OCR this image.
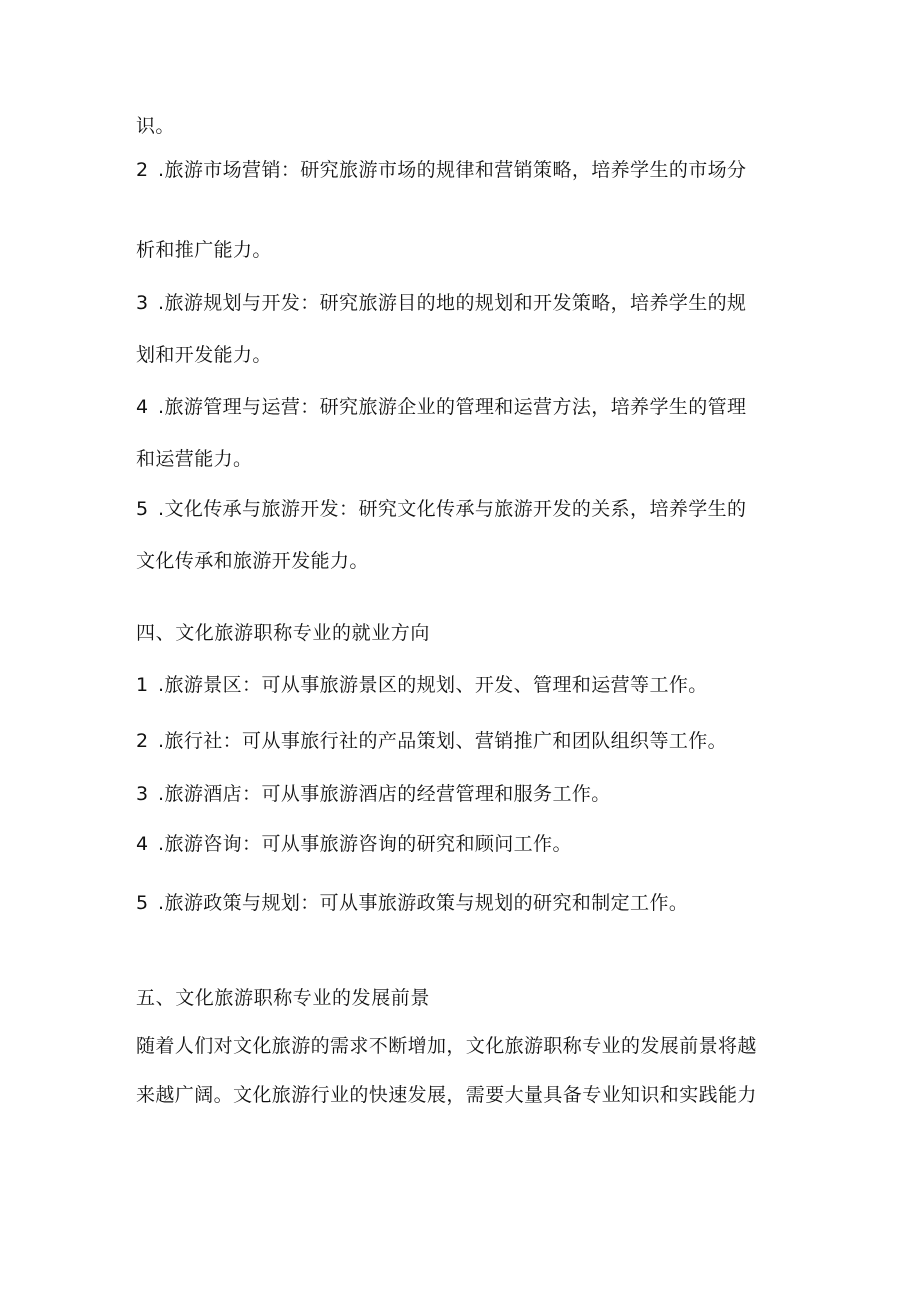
识。
2 .旅游市场营销：研究旅游市场的规律和营销策略，培养学生的市场分
析和推广能力。
3 .旅游规划与开发：研究旅游目的地的规划和开发策略，培养学生的规
划和开发能力。
4 .旅游管理与运营：研究旅游企业的管理和运营方法，培养学生的管理
和运营能力。
5 .文化传承与旅游开发：研究文化传承与旅游开发的关系，培养学生的
文化传承和旅游开发能力。
四、文化旅游职称专业的就业方向
1 .旅游景区：可从事旅游景区的规划、开发、管理和运营等工作。
2 .旅行社：可从事旅行社的产品策划、营销推广和团队组织等工作。
3 .旅游酒店：可从事旅游酒店的经营管理和服务工作。
4 .旅游咨询：可从事旅游咨询的研究和顾问工作。
5 .旅游政策与规划：可从事旅游政策与规划的研究和制定工作。
五、文化旅游职称专业的发展前景
随着人们对文化旅游的需求不断增加，文化旅游职称专业的发展前景将越
来越广阔。文化旅游行业的快速发展，需要大量具备专业知识和实践能力
